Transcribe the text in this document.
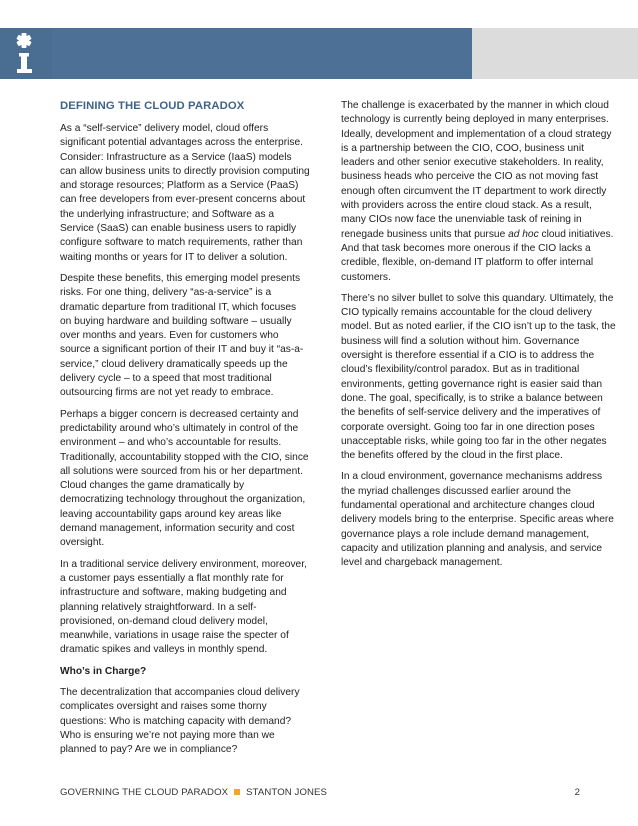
DEFINING THE CLOUD PARADOX

As a “self-service” delivery model, cloud offers significant potential advantages across the enterprise. Consider: Infrastructure as a Service (IaaS) models can allow business units to directly provision computing and storage resources; Platform as a Service (PaaS) can free developers from ever-present concerns about the underlying infrastructure; and Software as a Service (SaaS) can enable business users to rapidly configure software to match requirements, rather than waiting months or years for IT to deliver a solution.

Despite these benefits, this emerging model presents risks. For one thing, delivery “as-a-service” is a dramatic departure from traditional IT, which focuses on buying hardware and building software – usually over months and years. Even for customers who source a significant portion of their IT and buy it “as-a-service,” cloud delivery dramatically speeds up the delivery cycle – to a speed that most traditional outsourcing firms are not yet ready to embrace.

Perhaps a bigger concern is decreased certainty and predictability around who’s ultimately in control of the environment – and who’s accountable for results. Traditionally, accountability stopped with the CIO, since all solutions were sourced from his or her department. Cloud changes the game dramatically by democratizing technology throughout the organization, leaving accountability gaps around key areas like demand management, information security and cost oversight.

In a traditional service delivery environment, moreover, a customer pays essentially a flat monthly rate for infrastructure and software, making budgeting and planning relatively straightforward. In a self-provisioned, on-demand cloud delivery model, meanwhile, variations in usage raise the specter of dramatic spikes and valleys in monthly spend.

Who’s in Charge?

The decentralization that accompanies cloud delivery complicates oversight and raises some thorny questions: Who is matching capacity with demand? Who is ensuring we’re not paying more than we planned to pay? Are we in compliance?

The challenge is exacerbated by the manner in which cloud technology is currently being deployed in many enterprises. Ideally, development and implementation of a cloud strategy is a partnership between the CIO, COO, business unit leaders and other senior executive stakeholders. In reality, business heads who perceive the CIO as not moving fast enough often circumvent the IT department to work directly with providers across the entire cloud stack. As a result, many CIOs now face the unenviable task of reining in renegade business units that pursue ad hoc cloud initiatives. And that task becomes more onerous if the CIO lacks a credible, flexible, on-demand IT platform to offer internal customers.

There’s no silver bullet to solve this quandary. Ultimately, the CIO typically remains accountable for the cloud delivery model. But as noted earlier, if the CIO isn’t up to the task, the business will find a solution without him. Governance oversight is therefore essential if a CIO is to address the cloud’s flexibility/control paradox. But as in traditional environments, getting governance right is easier said than done. The goal, specifically, is to strike a balance between the benefits of self-service delivery and the imperatives of corporate oversight. Going too far in one direction poses unacceptable risks, while going too far in the other negates the benefits offered by the cloud in the first place.

In a cloud environment, governance mechanisms address the myriad challenges discussed earlier around the fundamental operational and architecture changes cloud delivery models bring to the enterprise. Specific areas where governance plays a role include demand management, capacity and utilization planning and analysis, and service level and chargeback management.

GOVERNING THE CLOUD PARADOX STANTON JONES	2
